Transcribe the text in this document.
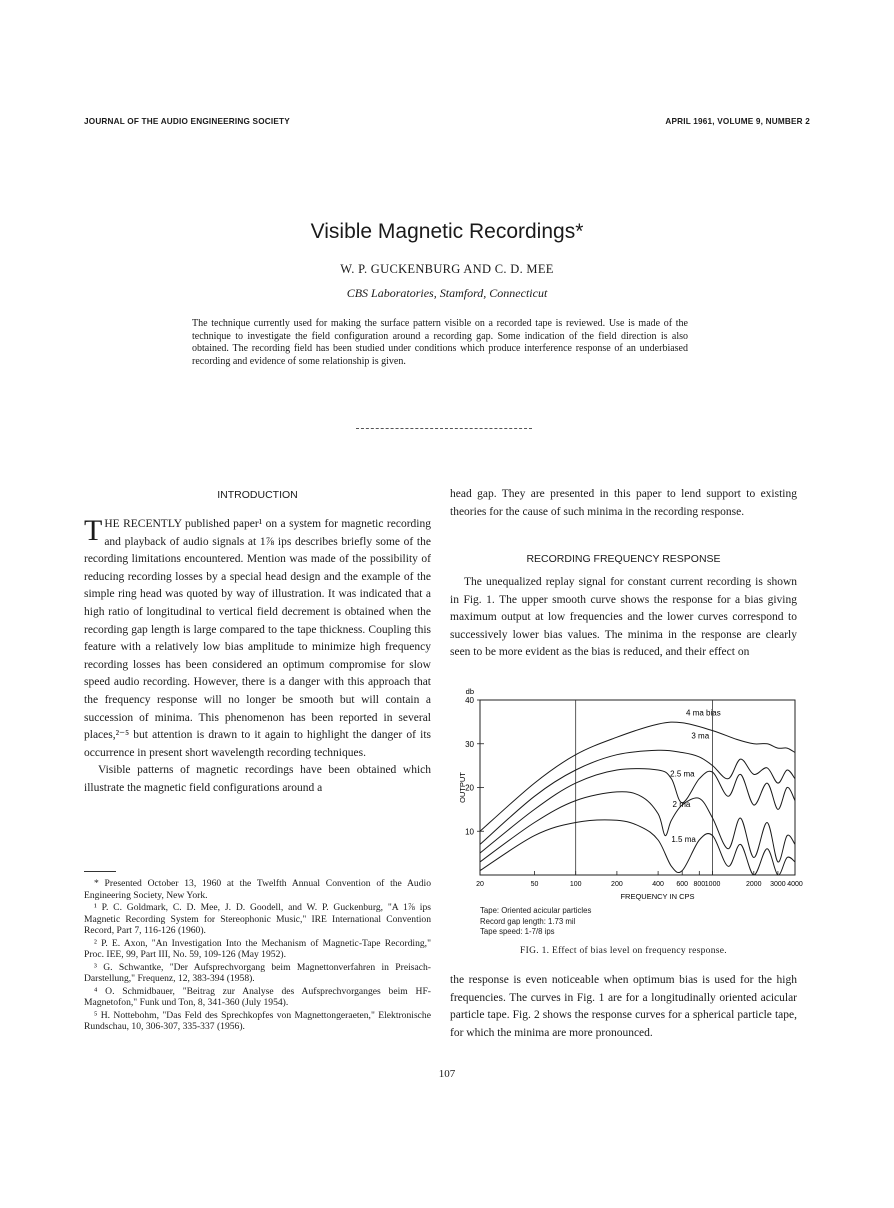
JOURNAL OF THE AUDIO ENGINEERING SOCIETY	APRIL 1961, VOLUME 9, NUMBER 2
Visible Magnetic Recordings*
W. P. GUCKENBURG AND C. D. MEE
CBS Laboratories, Stamford, Connecticut
The technique currently used for making the surface pattern visible on a recorded tape is reviewed. Use is made of the technique to investigate the field configuration around a recording gap. Some indication of the field direction is also obtained. The recording field has been studied under conditions which produce interference response of an underbiased recording and evidence of some relationship is given.
INTRODUCTION

THE RECENTLY published paper¹ on a system for magnetic recording and playback of audio signals at 1⅞ ips describes briefly some of the recording limitations encountered. Mention was made of the possibility of reducing recording losses by a special head design and the example of the simple ring head was quoted by way of illustration. It was indicated that a high ratio of longitudinal to vertical field decrement is obtained when the recording gap length is large compared to the tape thickness. Coupling this feature with a relatively low bias amplitude to minimize high frequency recording losses has been considered an optimum compromise for slow speed audio recording. However, there is a danger with this approach that the frequency response will no longer be smooth but will contain a succession of minima. This phenomenon has been reported in several places,²⁻⁵ but attention is drawn to it again to highlight the danger of its occurrence in present short wavelength recording techniques.

Visible patterns of magnetic recordings have been obtained which illustrate the magnetic field configurations around a

head gap. They are presented in this paper to lend support to existing theories for the cause of such minima in the recording response.
RECORDING FREQUENCY RESPONSE
The unequalized replay signal for constant current recording is shown in Fig. 1. The upper smooth curve shows the response for a bias giving maximum output at low frequencies and the lower curves correspond to successively lower bias values. The minima in the response are clearly seen to be more evident as the bias is reduced, and their effect on
10
20
30
40
20	50	100	200	400 600 800 1000	2000 3000 4000
FREQUENCY IN CPS
OUTPUT
db
4 ma bias
3 ma
2.5 ma
2 ma
1.5 ma
Tape: Oriented acicular particles
Record gap length: 1.73 mil
Tape speed: 1-7/8 ips
FIG. 1. Effect of bias level on frequency response.
the response is even noticeable when optimum bias is used for the high frequencies. The curves in Fig. 1 are for a longitudinally oriented acicular particle tape. Fig. 2 shows the response curves for a spherical particle tape, for which the minima are more pronounced.

* Presented October 13, 1960 at the Twelfth Annual Convention of the Audio Engineering Society, New York.

¹ P. C. Goldmark, C. D. Mee, J. D. Goodell, and W. P. Guckenburg, "A 1⅞ ips Magnetic Recording System for Stereophonic Music," IRE International Convention Record, Part 7, 116-126 (1960).

² P. E. Axon, "An Investigation Into the Mechanism of Magnetic-Tape Recording," Proc. IEE, 99, Part III, No. 59, 109-126 (May 1952).

³ G. Schwantke, "Der Aufsprechvorgang beim Magnettonverfahren in Preisach-Darstellung," Frequenz, 12, 383-394 (1958).

⁴ O. Schmidbauer, "Beitrag zur Analyse des Aufsprechvorganges beim HF-Magnetofon," Funk und Ton, 8, 341-360 (July 1954).

⁵ H. Nottebohm, "Das Feld des Sprechkopfes von Magnettongeraeten," Elektronische Rundschau, 10, 306-307, 335-337 (1956).

107
